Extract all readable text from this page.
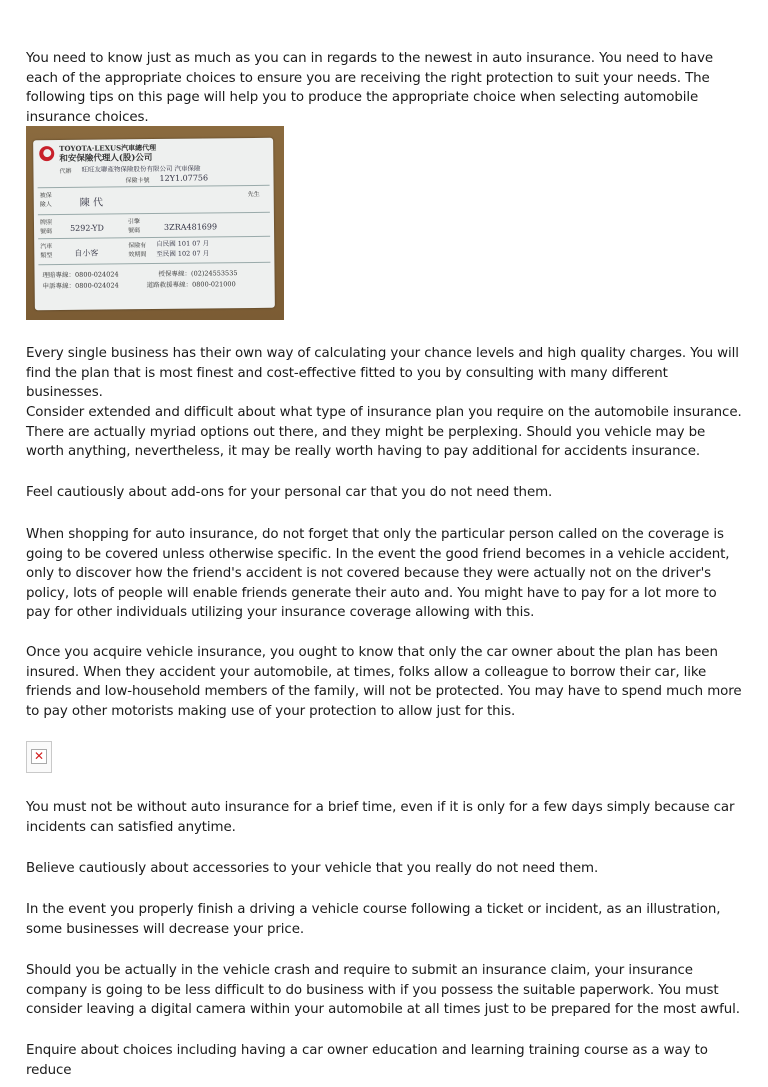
You need to know just as much as you can in regards to the newest in auto insurance. You need to have each of the appropriate choices to ensure you are receiving the right protection to suit your needs. The following tips on this page will help you to produce the appropriate choice when selecting automobile insurance choices.

TOYOTA·LEXUS汽車總代理
和安保險代理人(股)公司
代辦 旺旺友聯產物保險股份有限公司 汽車保險
保險卡號 12Y1.07756
被保險人	陳 代
先生
牌照號碼	5292-YD
引擎號碼	3ZRA481699
汽車類型	自小客
保險有效期間
自民國 101 07 月
至民國 102 07 月
理賠專線：0800-024024	授保專線：(02)24553535
申訴專線：0800-024024	道路救援專線：0800-021000

Every single business has their own way of calculating your chance levels and high quality charges. You will find the plan that is most finest and cost-effective fitted to you by consulting with many different businesses.

Consider extended and difficult about what type of insurance plan you require on the automobile insurance. There are actually myriad options out there, and they might be perplexing. Should you vehicle may be worth anything, nevertheless, it may be really worth having to pay additional for accidents insurance.

Feel cautiously about add-ons for your personal car that you do not need them.

When shopping for auto insurance, do not forget that only the particular person called on the coverage is going to be covered unless otherwise specific. In the event the good friend becomes in a vehicle accident, only to discover how the friend's accident is not covered because they were actually not on the driver's policy, lots of people will enable friends generate their auto and. You might have to pay for a lot more to pay for other individuals utilizing your insurance coverage allowing with this.

Once you acquire vehicle insurance, you ought to know that only the car owner about the plan has been insured. When they accident your automobile, at times, folks allow a colleague to borrow their car, like friends and low-household members of the family, will not be protected. You may have to spend much more to pay other motorists making use of your protection to allow just for this.

✕

You must not be without auto insurance for a brief time, even if it is only for a few days simply because car incidents can satisfied anytime.

Believe cautiously about accessories to your vehicle that you really do not need them.

In the event you properly finish a driving a vehicle course following a ticket or incident, as an illustration, some businesses will decrease your price.

Should you be actually in the vehicle crash and require to submit an insurance claim, your insurance company is going to be less difficult to do business with if you possess the suitable paperwork. You must consider leaving a digital camera within your automobile at all times just to be prepared for the most awful.

Enquire about choices including having a car owner education and learning training course as a way to reduce
